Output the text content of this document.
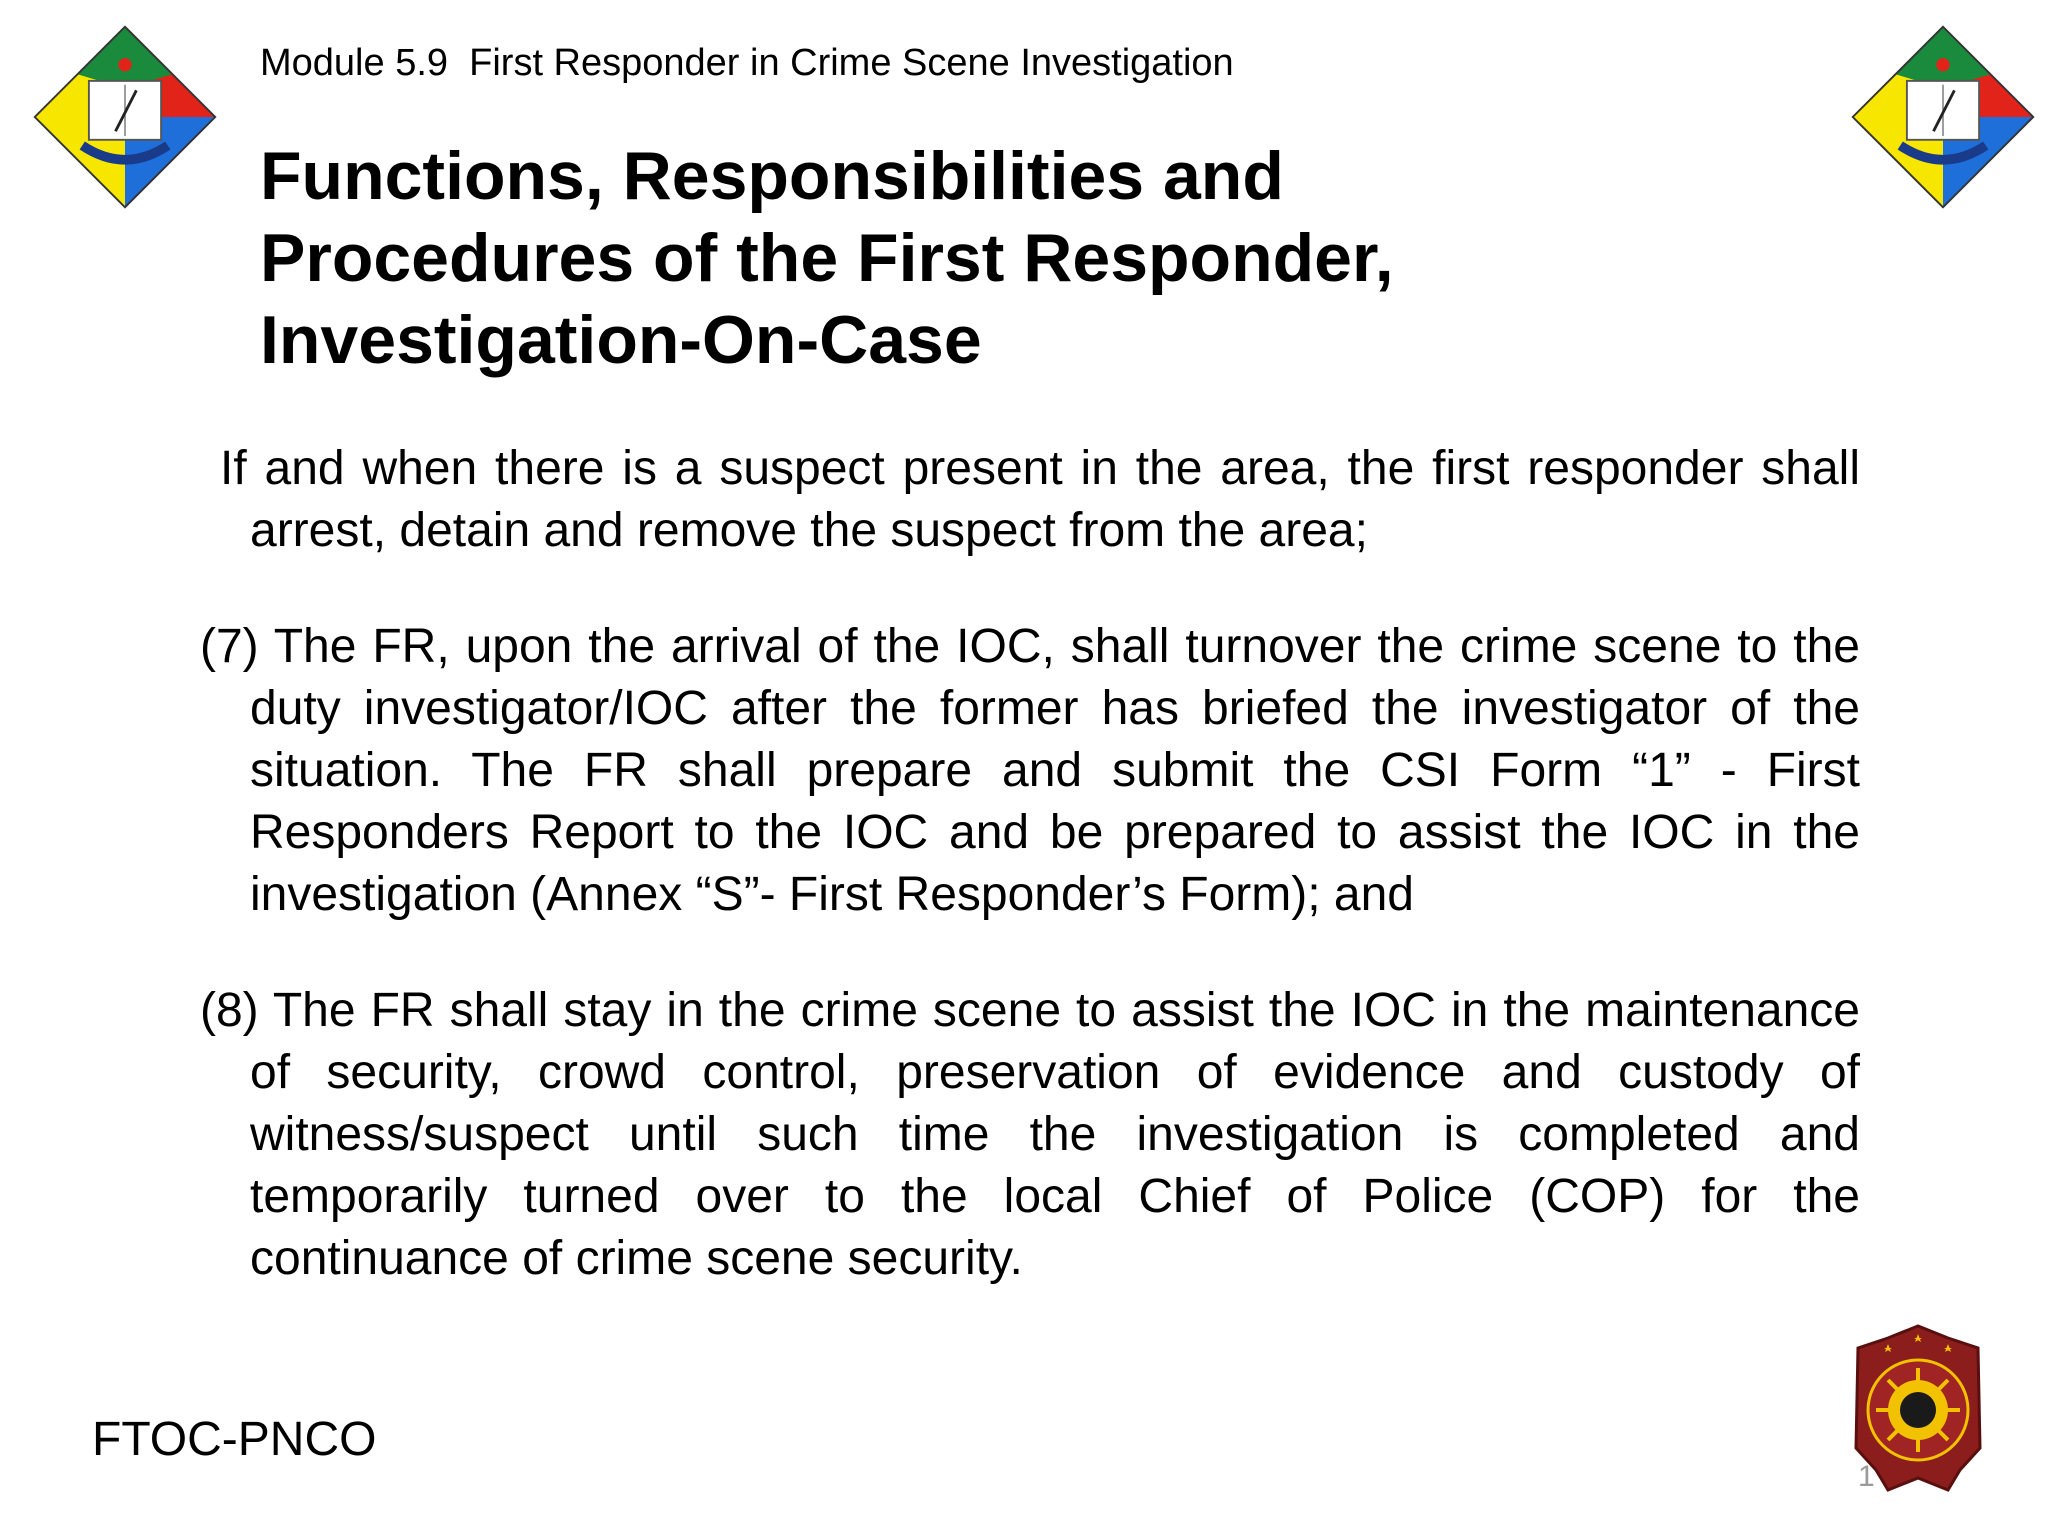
Module 5.9  First Responder in Crime Scene Investigation
Functions, Responsibilities and
Procedures of the First Responder,
Investigation-On-Case

If and when there is a suspect present in the area, the first responder shall arrest, detain and remove the suspect from the area;

(7) The FR, upon the arrival of the IOC, shall turnover the crime scene to the duty investigator/IOC after the former has briefed the investigator of the situation. The FR shall prepare and submit the CSI Form “1” - First Responders Report to the IOC and be prepared to assist the IOC in the investigation (Annex “S”- First Responder’s Form); and

(8) The FR shall stay in the crime scene to assist the IOC in the maintenance of security, crowd control, preservation of evidence and custody of witness/suspect until such time the investigation is completed and temporarily turned over to the local Chief of Police (COP) for the continuance of crime scene security.

FTOC-PNCO
1
